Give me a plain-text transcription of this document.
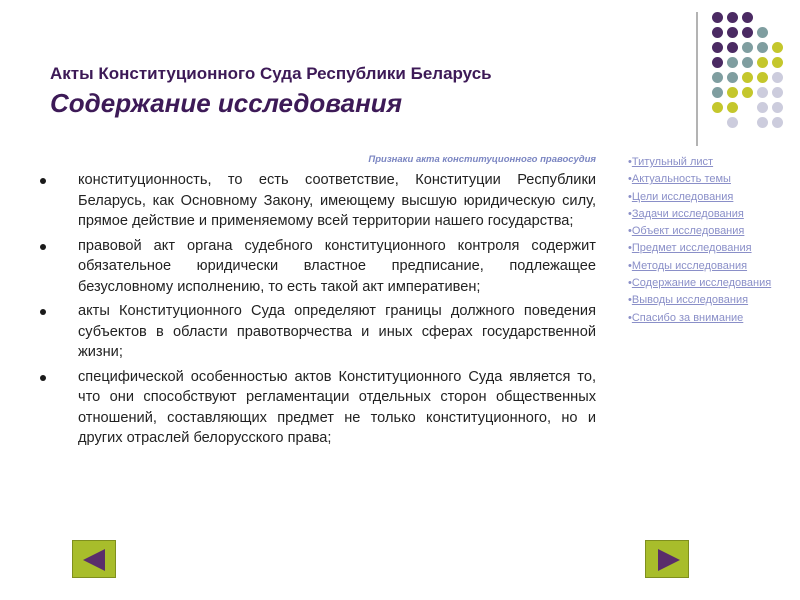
Акты Конституционного Суда Республики Беларусь
Содержание исследования
Признаки акта конституционного правосудия
конституционность, то есть соответствие, Конституции Республики Беларусь, как Основному Закону, имеющему высшую юридическую силу, прямое действие и применяемому всей территории нашего государства;
правовой акт органа судебного конституционного контроля содержит обязательное юридически властное предписание, подлежащее безусловному исполнению, то есть такой акт императивен;
акты Конституционного Суда определяют границы должного поведения субъектов в области правотворчества и иных сферах государственной жизни;
специфической особенностью актов Конституционного Суда является то, что они способствуют регламентации отдельных сторон общественных отношений, составляющих предмет не только конституционного, но и других отраслей белорусского права;
•Титульный лист
•Актуальность темы
•Цели исследования
•Задачи исследования
•Объект исследования
•Предмет исследования
•Методы исследования
•Содержание исследования
•Выводы исследования
•Спасибо за внимание
